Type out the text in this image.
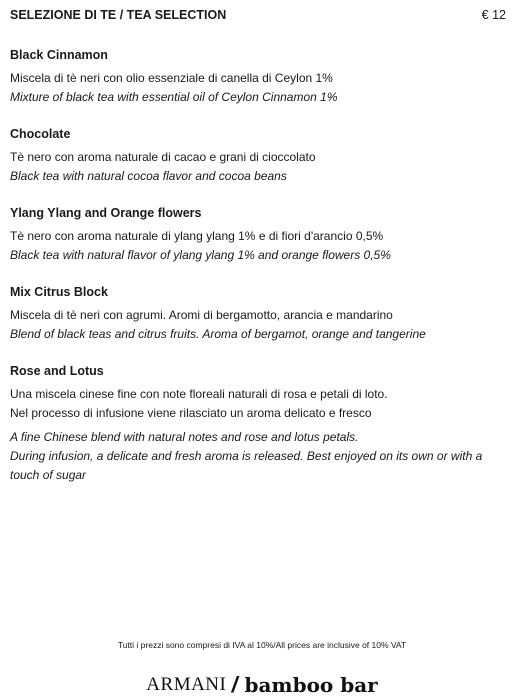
SELEZIONE DI TE / TEA SELECTION	€ 12
Black Cinnamon
Miscela di tè neri con olio essenziale di canella di Ceylon 1%
Mixture of black tea with essential oil of Ceylon Cinnamon 1%
Chocolate
Tè nero con aroma naturale di cacao e grani di cioccolato
Black tea with natural cocoa flavor and cocoa beans
Ylang Ylang and Orange flowers
Tè nero con aroma naturale di ylang ylang 1% e di fiori d'arancio 0,5%
Black tea with natural flavor of ylang ylang 1% and orange flowers 0,5%
Mix Citrus Block
Miscela di tè neri con agrumi. Aromi di bergamotto, arancia e mandarino
Blend of black teas and citrus fruits. Aroma of bergamot, orange and tangerine
Rose and Lotus
Una miscela cinese fine con note floreali naturali di rosa e petali di loto.
Nel processo di infusione viene rilasciato un aroma delicato e fresco
A fine Chinese blend with natural notes and rose and lotus petals.
During infusion, a delicate and fresh aroma is released. Best enjoyed on its own or with a touch of sugar
Tutti i prezzi sono compresi di IVA al 10%/All prices are inclusive of 10% VAT
ARMANI / bamboo bar
